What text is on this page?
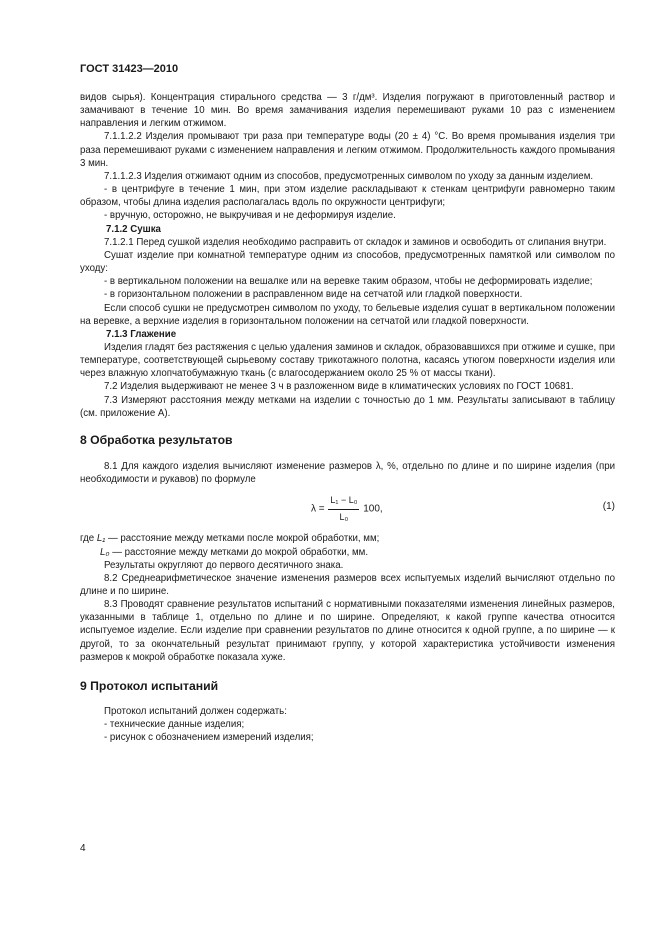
ГОСТ 31423—2010

видов сырья). Концентрация стирального средства — 3 г/дм³. Изделия погружают в приготовленный раствор и замачивают в течение 10 мин. Во время замачивания изделия перемешивают руками 10 раз с изменением направления и легким отжимом.

7.1.1.2.2 Изделия промывают три раза при температуре воды (20 ± 4) °С. Во время промывания изделия три раза перемешивают руками с изменением направления и легким отжимом. Продолжительность каждого промывания 3 мин.

7.1.1.2.3 Изделия отжимают одним из способов, предусмотренных символом по уходу за данным изделием.

- в центрифуге в течение 1 мин, при этом изделие раскладывают к стенкам центрифуги равномерно таким образом, чтобы длина изделия располагалась вдоль по окружности центрифуги;

- вручную, осторожно, не выкручивая и не деформируя изделие.

7.1.2 Сушка

7.1.2.1 Перед сушкой изделия необходимо расправить от складок и заминов и освободить от слипания внутри.

Сушат изделие при комнатной температуре одним из способов, предусмотренных памяткой или символом по уходу:

- в вертикальном положении на вешалке или на веревке таким образом, чтобы не деформировать изделие;

- в горизонтальном положении в расправленном виде на сетчатой или гладкой поверхности.

Если способ сушки не предусмотрен символом по уходу, то бельевые изделия сушат в вертикальном положении на веревке, а верхние изделия в горизонтальном положении на сетчатой или гладкой поверхности.

7.1.3 Глажение

Изделия гладят без растяжения с целью удаления заминов и складок, образовавшихся при отжиме и сушке, при температуре, соответствующей сырьевому составу трикотажного полотна, касаясь утюгом поверхности изделия или через влажную хлопчатобумажную ткань (с влагосодержанием около 25 % от массы ткани).

7.2 Изделия выдерживают не менее 3 ч в разложенном виде в климатических условиях по ГОСТ 10681.

7.3 Измеряют расстояния между метками на изделии с точностью до 1 мм. Результаты записывают в таблицу (см. приложение А).

8 Обработка результатов

8.1 Для каждого изделия вычисляют изменение размеров λ, %, отдельно по длине и по ширине изделия (при необходимости и рукавов) по формуле

$\lambda = \frac{\text{L₁ − L₀}}{\text{L₀}} 100$,	(1)

где L₁ — расстояние между метками после мокрой обработки, мм;

L₀ — расстояние между метками до мокрой обработки, мм.

Результаты округляют до первого десятичного знака.

8.2 Среднеарифметическое значение изменения размеров всех испытуемых изделий вычисляют отдельно по длине и по ширине.

8.3 Проводят сравнение результатов испытаний с нормативными показателями изменения линейных размеров, указанными в таблице 1, отдельно по длине и по ширине. Определяют, к какой группе качества относится испытуемое изделие. Если изделие при сравнении результатов по длине относится к одной группе, а по ширине — к другой, то за окончательный результат принимают группу, у которой характеристика устойчивости изменения размеров к мокрой обработке показала хуже.

9 Протокол испытаний

Протокол испытаний должен содержать:

- технические данные изделия;

- рисунок с обозначением измерений изделия;

4
